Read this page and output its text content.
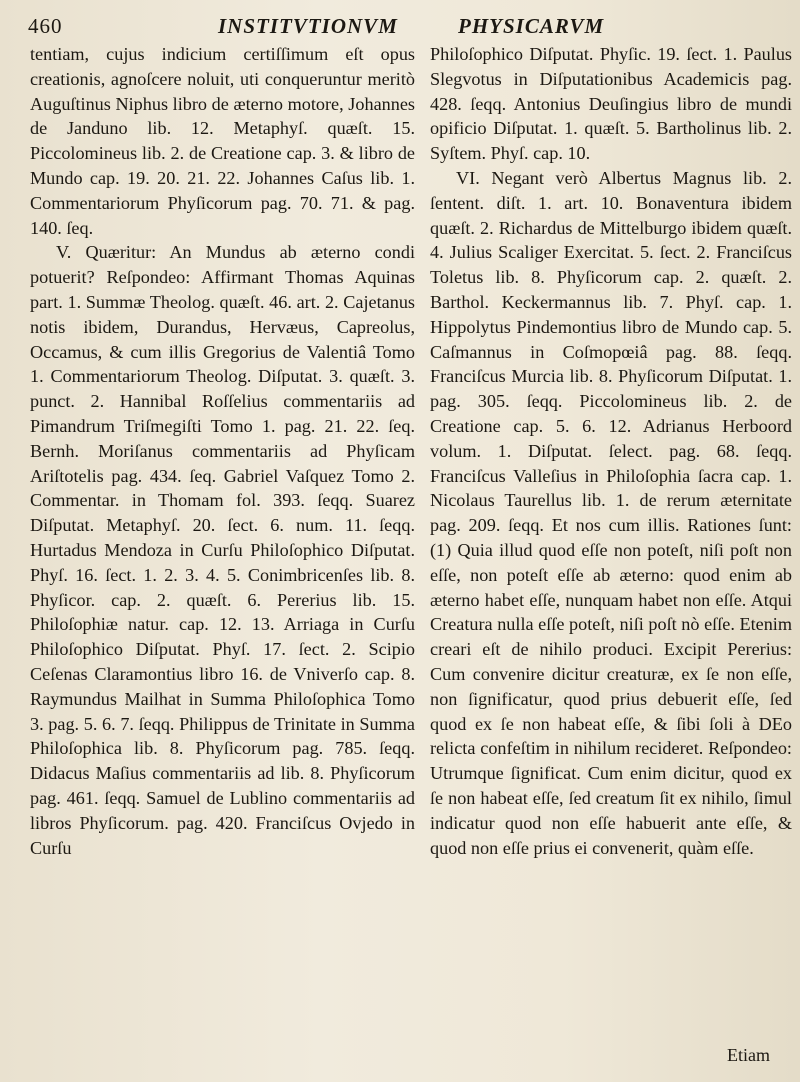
460	INSTITVTIONVM	PHYSICARVM

tentiam, cujus indicium certiſſimum eſt opus creationis, agnoſcere noluit, uti conqueruntur meritò Auguſtinus Niphus libro de æterno motore, Johannes de Janduno lib. 12. Metaphyſ. quæſt. 15. Piccolomineus lib. 2. de Creatione cap. 3. & libro de Mundo cap. 19. 20. 21. 22. Johannes Caſus lib. 1. Commentariorum Phyſicorum pag. 70. 71. & pag. 140. ſeq.

V. Quæritur: An Mundus ab æterno condi potuerit? Reſpondeo: Affirmant Thomas Aquinas part. 1. Summæ Theolog. quæſt. 46. art. 2. Cajetanus notis ibidem, Durandus, Hervæus, Capreolus, Occamus, & cum illis Gregorius de Valentiâ Tomo 1. Commentariorum Theolog. Diſputat. 3. quæſt. 3. punct. 2. Hannibal Roſſelius commentariis ad Pimandrum Triſmegiſti Tomo 1. pag. 21. 22. ſeq. Bernh. Moriſanus commentariis ad Phyſicam Ariſtotelis pag. 434. ſeq. Gabriel Vaſquez Tomo 2. Commentar. in Thomam fol. 393. ſeqq. Suarez Diſputat. Metaphyſ. 20. ſect. 6. num. 11. ſeqq. Hurtadus Mendoza in Curſu Philoſophico Diſputat. Phyſ. 16. ſect. 1. 2. 3. 4. 5. Conimbricenſes lib. 8. Phyſicor. cap. 2. quæſt. 6. Pererius lib. 15. Philoſophiæ natur. cap. 12. 13. Arriaga in Curſu Philoſophico Diſputat. Phyſ. 17. ſect. 2. Scipio Ceſenas Claramontius libro 16. de Vniverſo cap. 8. Raymundus Mailhat in Summa Philoſophica Tomo 3. pag. 5. 6. 7. ſeqq. Philippus de Trinitate in Summa Philoſophica lib. 8. Phyſicorum pag. 785. ſeqq. Didacus Maſius commentariis ad lib. 8. Phyſicorum pag. 461. ſeqq. Samuel de Lublino commentariis ad libros Phyſicorum. pag. 420. Franciſcus Ovjedo in Curſu

Philoſophico Diſputat. Phyſic. 19. ſect. 1. Paulus Slegvotus in Diſputationibus Academicis pag. 428. ſeqq. Antonius Deuſingius libro de mundi opificio Diſputat. 1. quæſt. 5. Bartholinus lib. 2. Syſtem. Phyſ. cap. 10.

VI. Negant verò Albertus Magnus lib. 2. ſentent. diſt. 1. art. 10. Bonaventura ibidem quæſt. 2. Richardus de Mittelburgo ibidem quæſt. 4. Julius Scaliger Exercitat. 5. ſect. 2. Franciſcus Toletus lib. 8. Phyſicorum cap. 2. quæſt. 2. Barthol. Keckermannus lib. 7. Phyſ. cap. 1. Hippolytus Pindemontius libro de Mundo cap. 5. Caſmannus in Coſmopœiâ pag. 88. ſeqq. Franciſcus Murcia lib. 8. Phyſicorum Diſputat. 1. pag. 305. ſeqq. Piccolomineus lib. 2. de Creatione cap. 5. 6. 12. Adrianus Herboord volum. 1. Diſputat. ſelect. pag. 68. ſeqq. Franciſcus Valleſius in Philoſophia ſacra cap. 1. Nicolaus Taurellus lib. 1. de rerum æternitate pag. 209. ſeqq. Et nos cum illis. Rationes ſunt: (1) Quia illud quod eſſe non poteſt, niſi poſt non eſſe, non poteſt eſſe ab æterno: quod enim ab æterno habet eſſe, nunquam habet non eſſe. Atqui Creatura nulla eſſe poteſt, niſi poſt nò eſſe. Etenim creari eſt de nihilo produci. Excipit Pererius: Cum convenire dicitur creaturæ, ex ſe non eſſe, non ſignificatur, quod prius debuerit eſſe, ſed quod ex ſe non habeat eſſe, & ſibi ſoli à DEo relicta confeſtim in nihilum recideret. Reſpondeo: Utrumque ſignificat. Cum enim dicitur, quod ex ſe non habeat eſſe, ſed creatum ſit ex nihilo, ſimul indicatur quod non eſſe habuerit ante eſſe, & quod non eſſe prius ei convenerit, quàm eſſe.

Etiam
